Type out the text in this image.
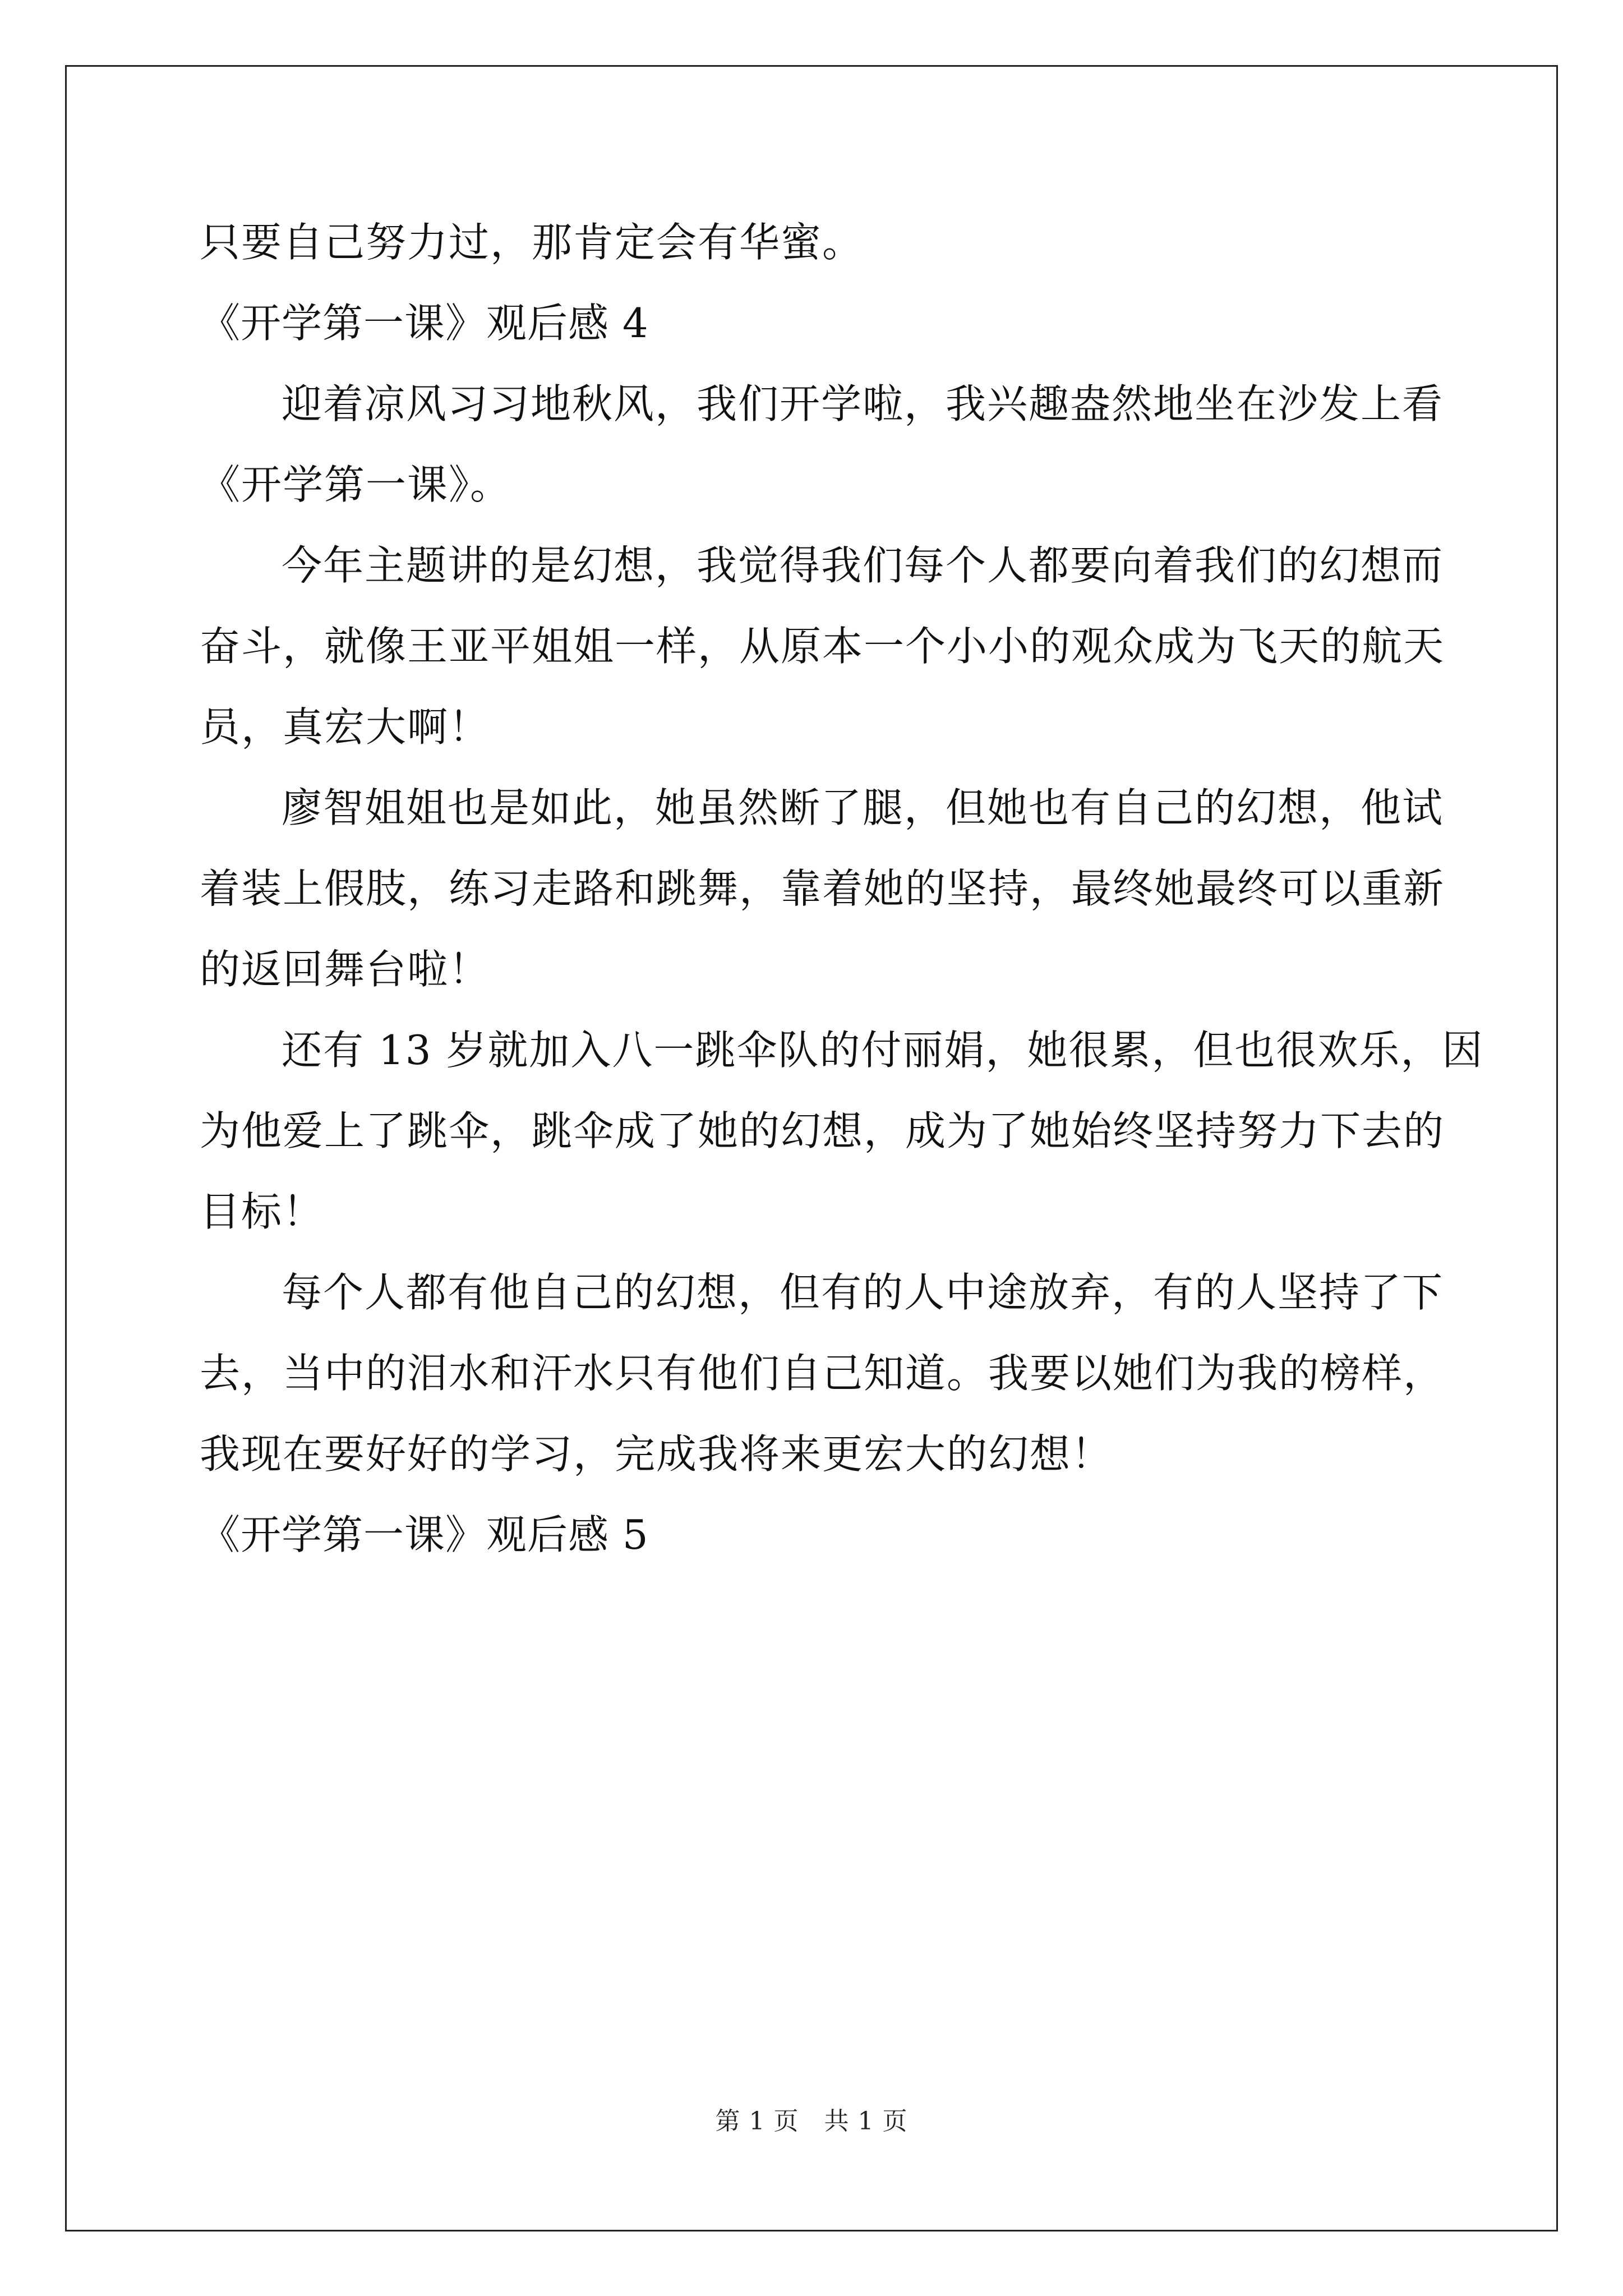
只要自己努力过，那肯定会有华蜜。
《开学第一课》观后感 4
迎着凉风习习地秋风，我们开学啦，我兴趣盎然地坐在沙发上看
《开学第一课》。
今年主题讲的是幻想，我觉得我们每个人都要向着我们的幻想而
奋斗，就像王亚平姐姐一样，从原本一个小小的观众成为飞天的航天
员，真宏大啊！
廖智姐姐也是如此，她虽然断了腿，但她也有自己的幻想，他试
着装上假肢，练习走路和跳舞，靠着她的坚持，最终她最终可以重新
的返回舞台啦！
还有 13 岁就加入八一跳伞队的付丽娟，她很累，但也很欢乐，因
为他爱上了跳伞，跳伞成了她的幻想，成为了她始终坚持努力下去的
目标！
每个人都有他自己的幻想，但有的人中途放弃，有的人坚持了下
去，当中的泪水和汗水只有他们自己知道。我要以她们为我的榜样，
我现在要好好的学习，完成我将来更宏大的幻想！
《开学第一课》观后感 5
第 1 页　共 1 页
